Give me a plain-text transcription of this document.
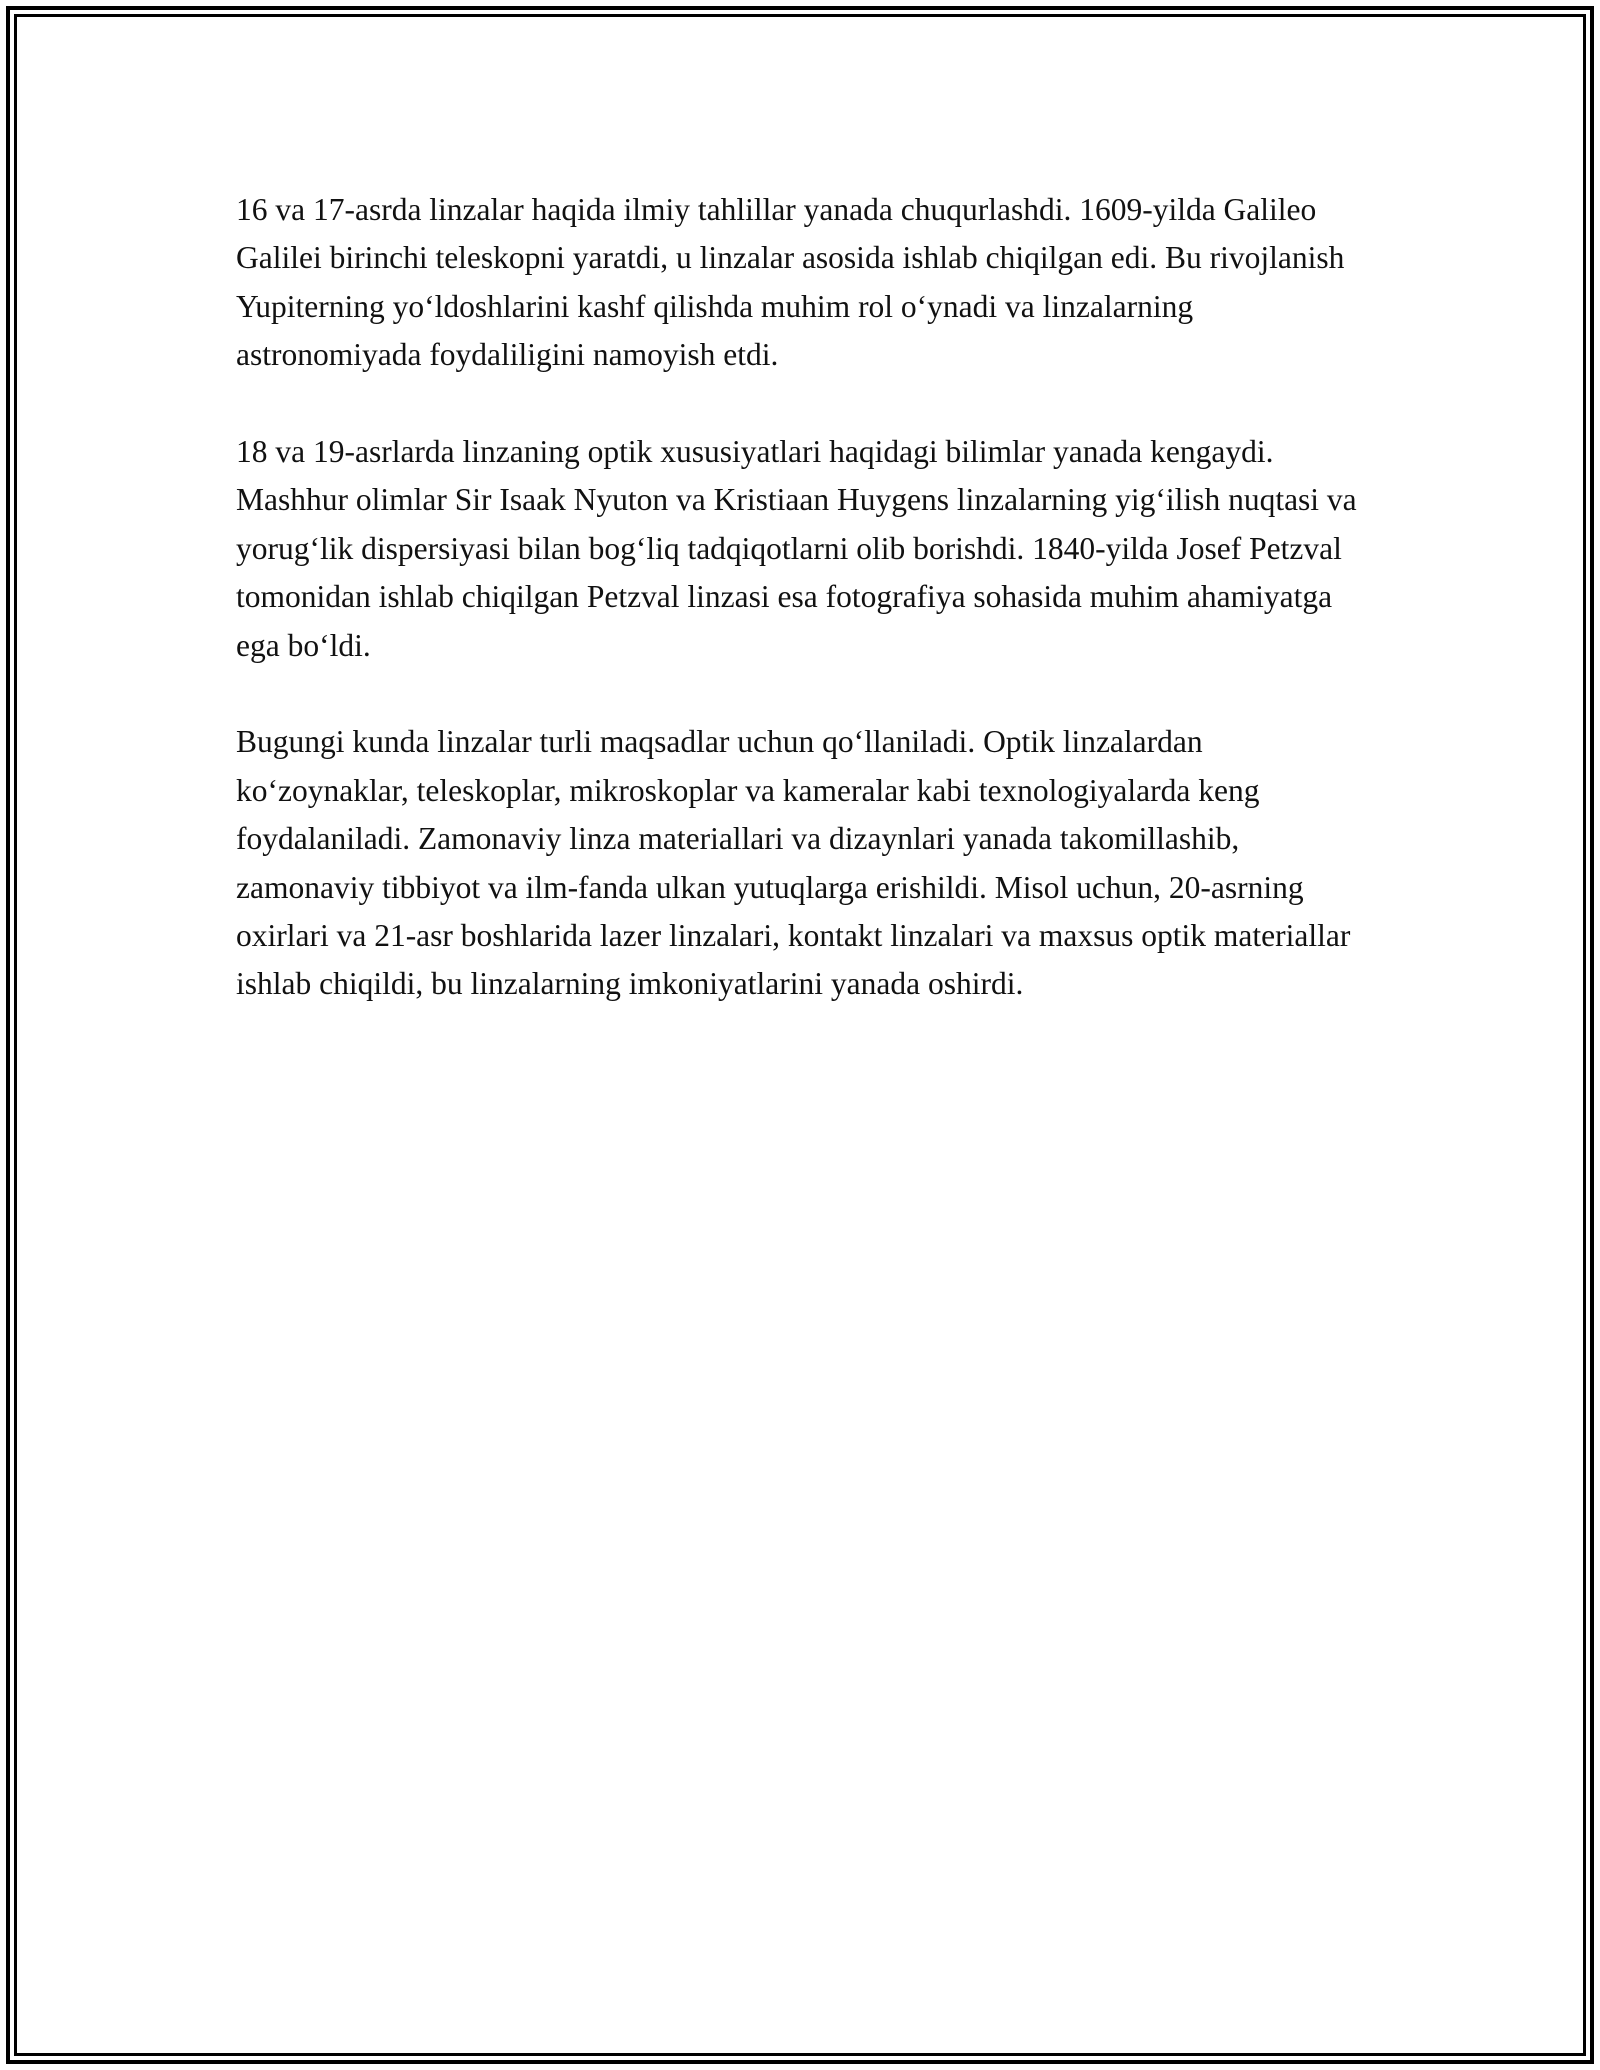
16 va 17-asrda linzalar haqida ilmiy tahlillar yanada chuqurlashdi. 1609-yilda Galileo Galilei birinchi teleskopni yaratdi, u linzalar asosida ishlab chiqilgan edi. Bu rivojlanish Yupiterning yo‘ldoshlarini kashf qilishda muhim rol o‘ynadi va linzalarning astronomiyada foydaliligini namoyish etdi.

18 va 19-asrlarda linzaning optik xususiyatlari haqidagi bilimlar yanada kengaydi. Mashhur olimlar Sir Isaak Nyuton va Kristiaan Huygens linzalarning yig‘ilish nuqtasi va yorug‘lik dispersiyasi bilan bog‘liq tadqiqotlarni olib borishdi. 1840-yilda Josef Petzval tomonidan ishlab chiqilgan Petzval linzasi esa fotografiya sohasida muhim ahamiyatga ega bo‘ldi.

Bugungi kunda linzalar turli maqsadlar uchun qo‘llaniladi. Optik linzalardan ko‘zoynaklar, teleskoplar, mikroskoplar va kameralar kabi texnologiyalarda keng foydalaniladi. Zamonaviy linza materiallari va dizaynlari yanada takomillashib, zamonaviy tibbiyot va ilm-fanda ulkan yutuqlarga erishildi. Misol uchun, 20-asrning oxirlari va 21-asr boshlarida lazer linzalari, kontakt linzalari va maxsus optik materiallar ishlab chiqildi, bu linzalarning imkoniyatlarini yanada oshirdi.
